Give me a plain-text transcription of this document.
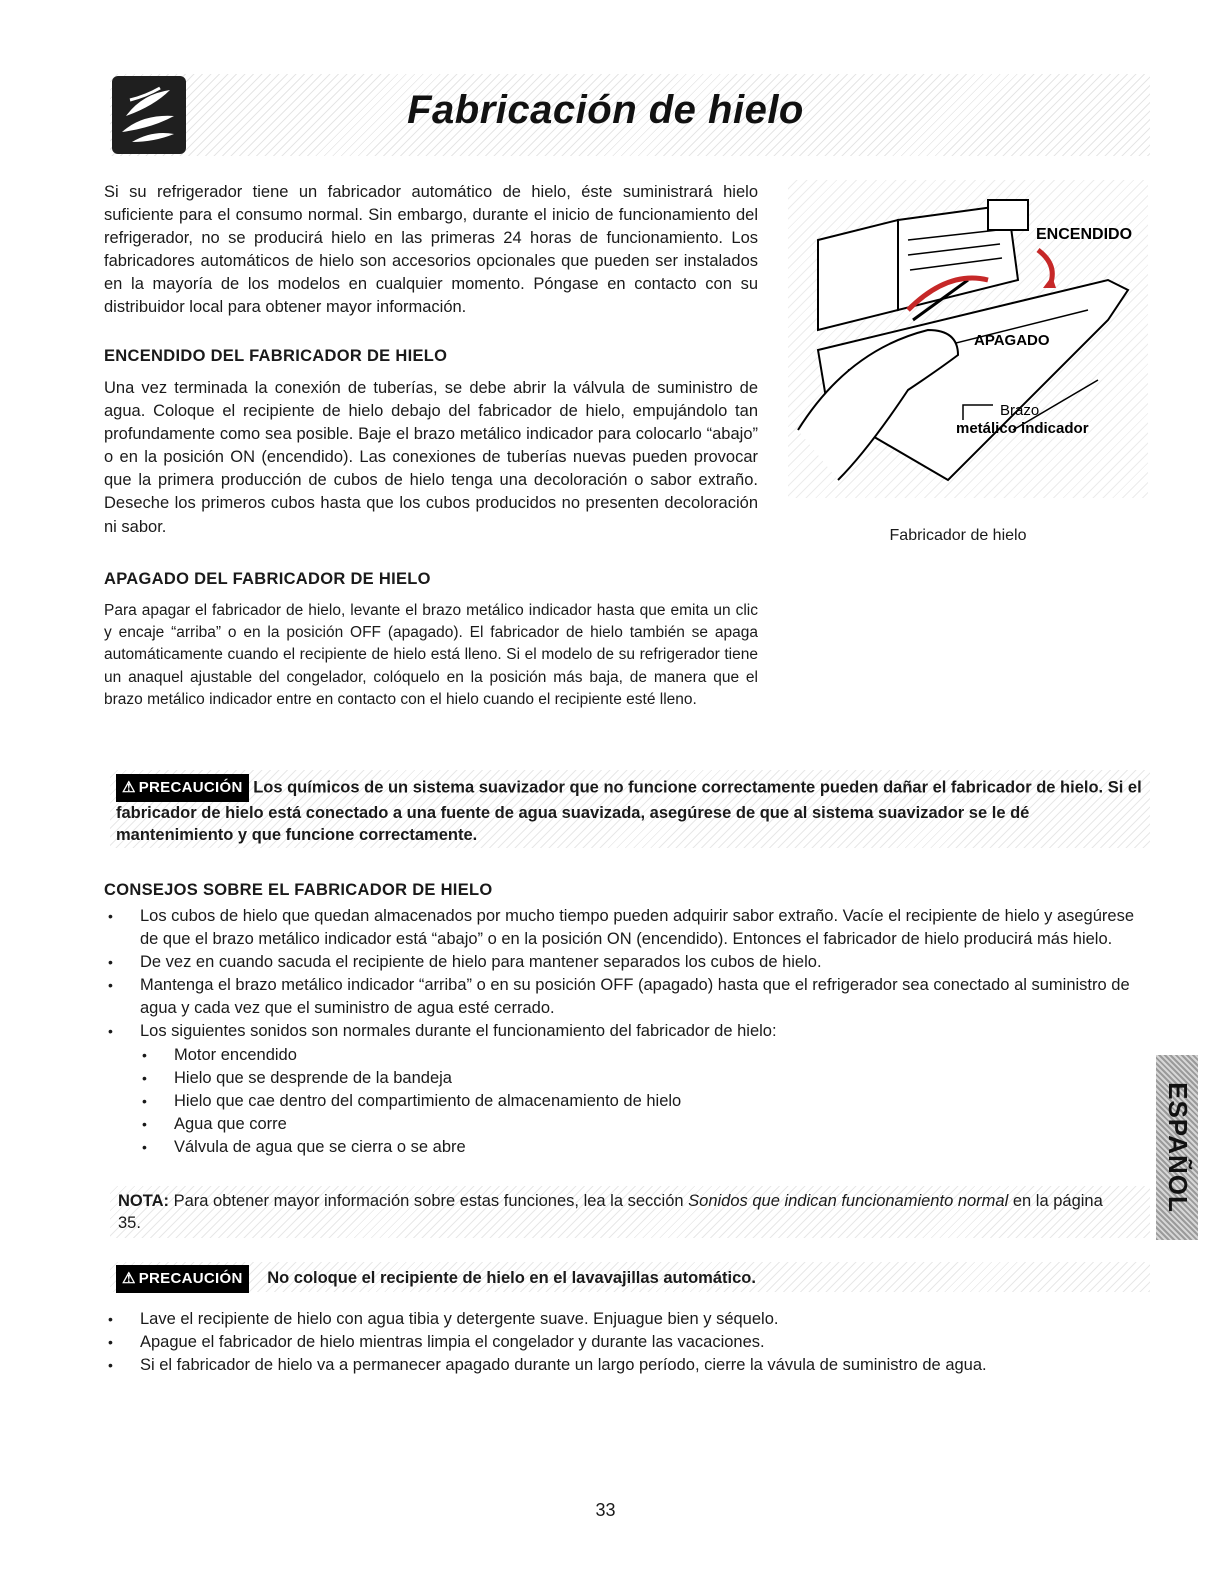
Fabricación de hielo
Si su refrigerador tiene un fabricador automático de hielo, éste suministrará hielo suficiente para el consumo normal. Sin embargo, durante el inicio de funcionamiento del refrigerador, no se producirá hielo en las primeras 24 horas de funcionamiento. Los fabricadores automáticos de hielo son accesorios opcionales que pueden ser instalados en la mayoría de los modelos en cualquier momento. Póngase en contacto con su distribuidor local para obtener mayor información.
ENCENDIDO DEL FABRICADOR DE HIELO
Una vez terminada la conexión de tuberías, se debe abrir la válvula de suministro de agua. Coloque el recipiente de hielo debajo del fabricador de hielo, empujándolo tan profundamente como sea posible. Baje el brazo metálico indicador para colocarlo “abajo” o en la posición ON (encendido). Las conexiones de tuberías nuevas pueden provocar que la primera producción de cubos de hielo tenga una decoloración o sabor extraño. Deseche los primeros cubos hasta que los cubos producidos no presenten decoloración ni sabor.
APAGADO DEL FABRICADOR DE HIELO
Para apagar el fabricador de hielo, levante el brazo metálico indicador hasta que emita un clic y encaje “arriba” o en la posición OFF (apagado). El fabricador de hielo también se apaga automáticamente cuando el recipiente de hielo está lleno. Si el modelo de su refrigerador tiene un anaquel ajustable del congelador, colóquelo en la posición más baja, de manera que el brazo metálico indicador entre en contacto con el hielo cuando el recipiente esté lleno.
ENCENDIDO
APAGADO
Brazo
metálico indicador
Fabricador de hielo
⚠ PRECAUCIÓN Los químicos de un sistema suavizador que no funcione correctamente pueden dañar el fabricador de hielo. Si el fabricador de hielo está conectado a una fuente de agua suavizada, asegúrese de que al sistema suavizador se le dé mantenimiento y que funcione correctamente.
CONSEJOS SOBRE EL FABRICADOR DE HIELO
• Los cubos de hielo que quedan almacenados por mucho tiempo pueden adquirir sabor extraño. Vacíe el recipiente de hielo y asegúrese de que el brazo metálico indicador está “abajo” o en la posición ON (encendido). Entonces el fabricador de hielo producirá más hielo.
• De vez en cuando sacuda el recipiente de hielo para mantener separados los cubos de hielo.
• Mantenga el brazo metálico indicador “arriba” o en su posición OFF (apagado) hasta que el refrigerador sea conectado al suministro de agua y cada vez que el suministro de agua esté cerrado.
• Los siguientes sonidos son normales durante el funcionamiento del fabricador de hielo:
• Motor encendido
• Hielo que se desprende de la bandeja
• Hielo que cae dentro del compartimiento de almacenamiento de hielo
• Agua que corre
• Válvula de agua que se cierra o se abre
NOTA: Para obtener mayor información sobre estas funciones, lea la sección Sonidos que indican funcionamiento normal en la página 35.
ESPAÑOL
⚠ PRECAUCIÓN No coloque el recipiente de hielo en el lavavajillas automático.
• Lave el recipiente de hielo con agua tibia y detergente suave. Enjuague bien y séquelo.
• Apague el fabricador de hielo mientras limpia el congelador y durante las vacaciones.
• Si el fabricador de hielo va a permanecer apagado durante un largo período, cierre la vávula de suministro de agua.
33
